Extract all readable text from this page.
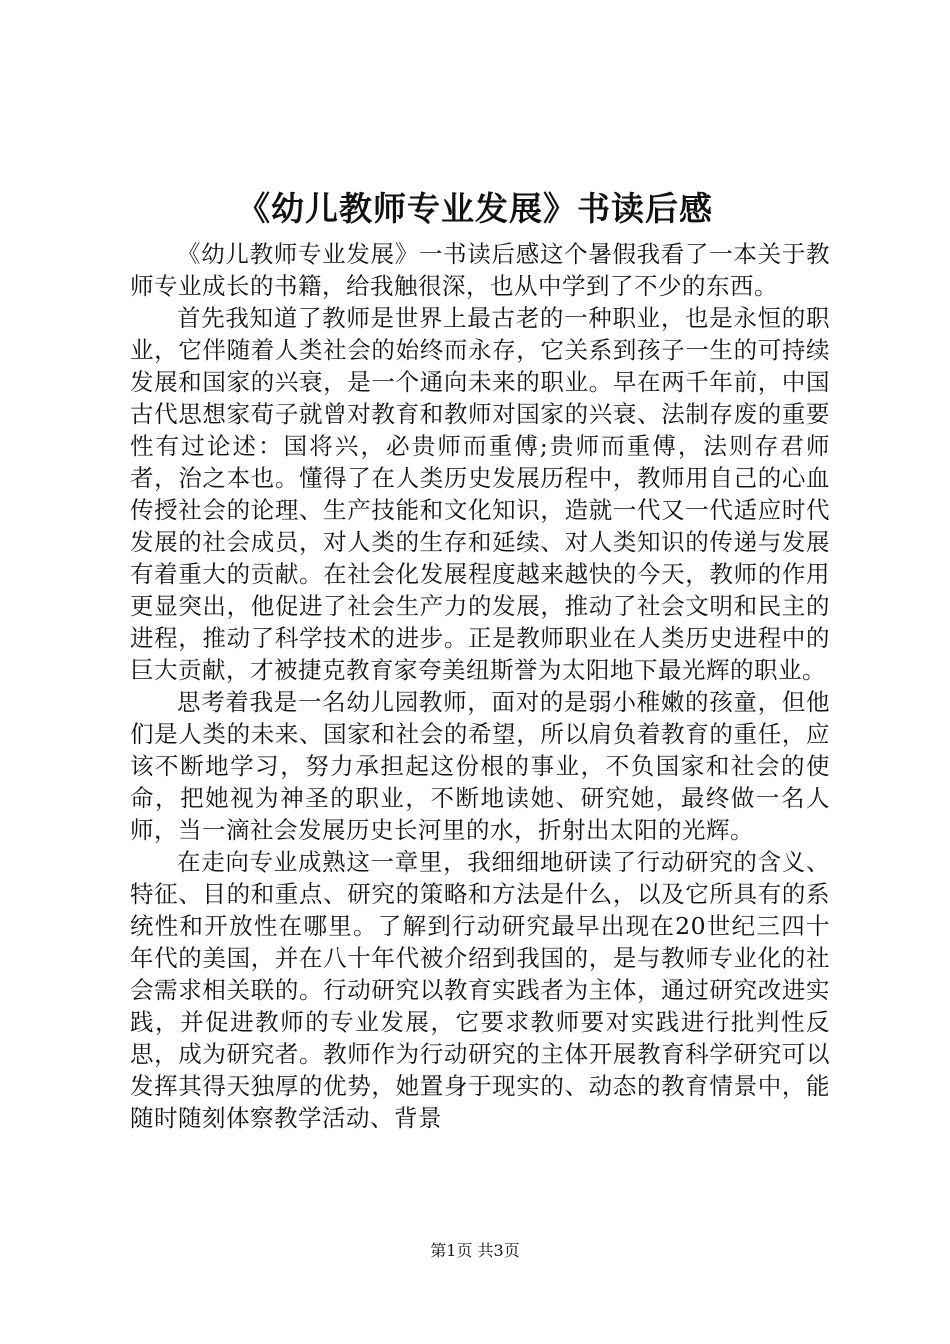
《幼儿教师专业发展》书读后感

《幼儿教师专业发展》一书读后感这个暑假我看了一本关于教师专业成长的书籍，给我触很深，也从中学到了不少的东西。

首先我知道了教师是世界上最古老的一种职业，也是永恒的职业，它伴随着人类社会的始终而永存，它关系到孩子一生的可持续发展和国家的兴衰，是一个通向未来的职业。早在两千年前，中国古代思想家荀子就曾对教育和教师对国家的兴衰、法制存废的重要性有过论述：国将兴，必贵师而重傅;贵师而重傅，法则存君师者，治之本也。懂得了在人类历史发展历程中，教师用自己的心血传授社会的论理、生产技能和文化知识，造就一代又一代适应时代发展的社会成员，对人类的生存和延续、对人类知识的传递与发展有着重大的贡献。在社会化发展程度越来越快的今天，教师的作用更显突出，他促进了社会生产力的发展，推动了社会文明和民主的进程，推动了科学技术的进步。正是教师职业在人类历史进程中的巨大贡献，才被捷克教育家夸美纽斯誉为太阳地下最光辉的职业。

思考着我是一名幼儿园教师，面对的是弱小稚嫩的孩童，但他们是人类的未来、国家和社会的希望，所以肩负着教育的重任，应该不断地学习，努力承担起这份根的事业，不负国家和社会的使命，把她视为神圣的职业，不断地读她、研究她，最终做一名人师，当一滴社会发展历史长河里的水，折射出太阳的光辉。

在走向专业成熟这一章里，我细细地研读了行动研究的含义、特征、目的和重点、研究的策略和方法是什么，以及它所具有的系统性和开放性在哪里。了解到行动研究最早出现在20世纪三四十年代的美国，并在八十年代被介绍到我国的，是与教师专业化的社会需求相关联的。行动研究以教育实践者为主体，通过研究改进实践，并促进教师的专业发展，它要求教师要对实践进行批判性反思，成为研究者。教师作为行动研究的主体开展教育科学研究可以发挥其得天独厚的优势，她置身于现实的、动态的教育情景中，能随时随刻体察教学活动、背景

第1页 共3页
